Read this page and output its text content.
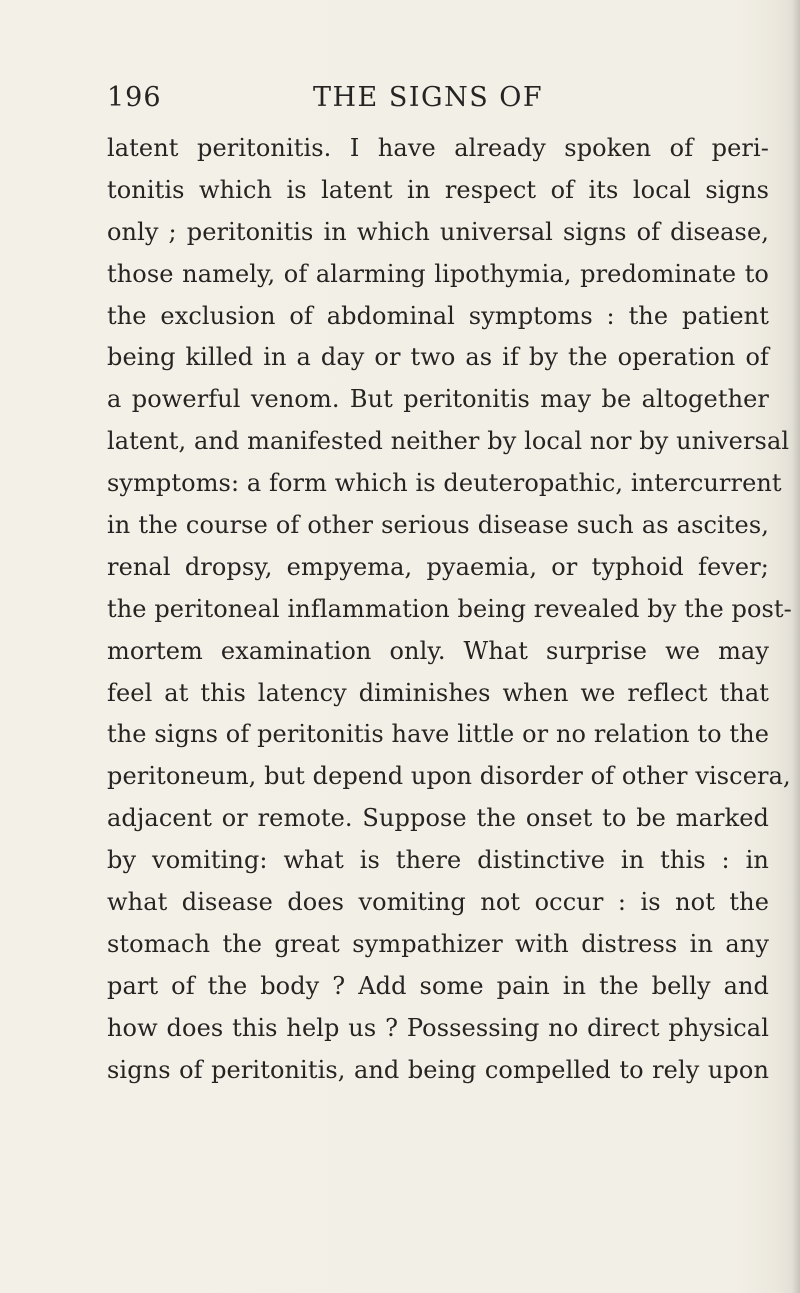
196	THE SIGNS OF
latent peritonitis. I have already spoken of peri-
tonitis which is latent in respect of its local signs
only ; peritonitis in which universal signs of disease,
those namely, of alarming lipothymia, predominate to
the exclusion of abdominal symptoms : the patient
being killed in a day or two as if by the operation of
a powerful venom. But peritonitis may be altogether
latent, and manifested neither by local nor by universal
symptoms: a form which is deuteropathic, intercurrent
in the course of other serious disease such as ascites,
renal dropsy, empyema, pyaemia, or typhoid fever;
the peritoneal inflammation being revealed by the post-
mortem examination only. What surprise we may
feel at this latency diminishes when we reflect that
the signs of peritonitis have little or no relation to the
peritoneum, but depend upon disorder of other viscera,
adjacent or remote. Suppose the onset to be marked
by vomiting: what is there distinctive in this : in
what disease does vomiting not occur : is not the
stomach the great sympathizer with distress in any
part of the body ? Add some pain in the belly and
how does this help us ? Possessing no direct physical
signs of peritonitis, and being compelled to rely upon
